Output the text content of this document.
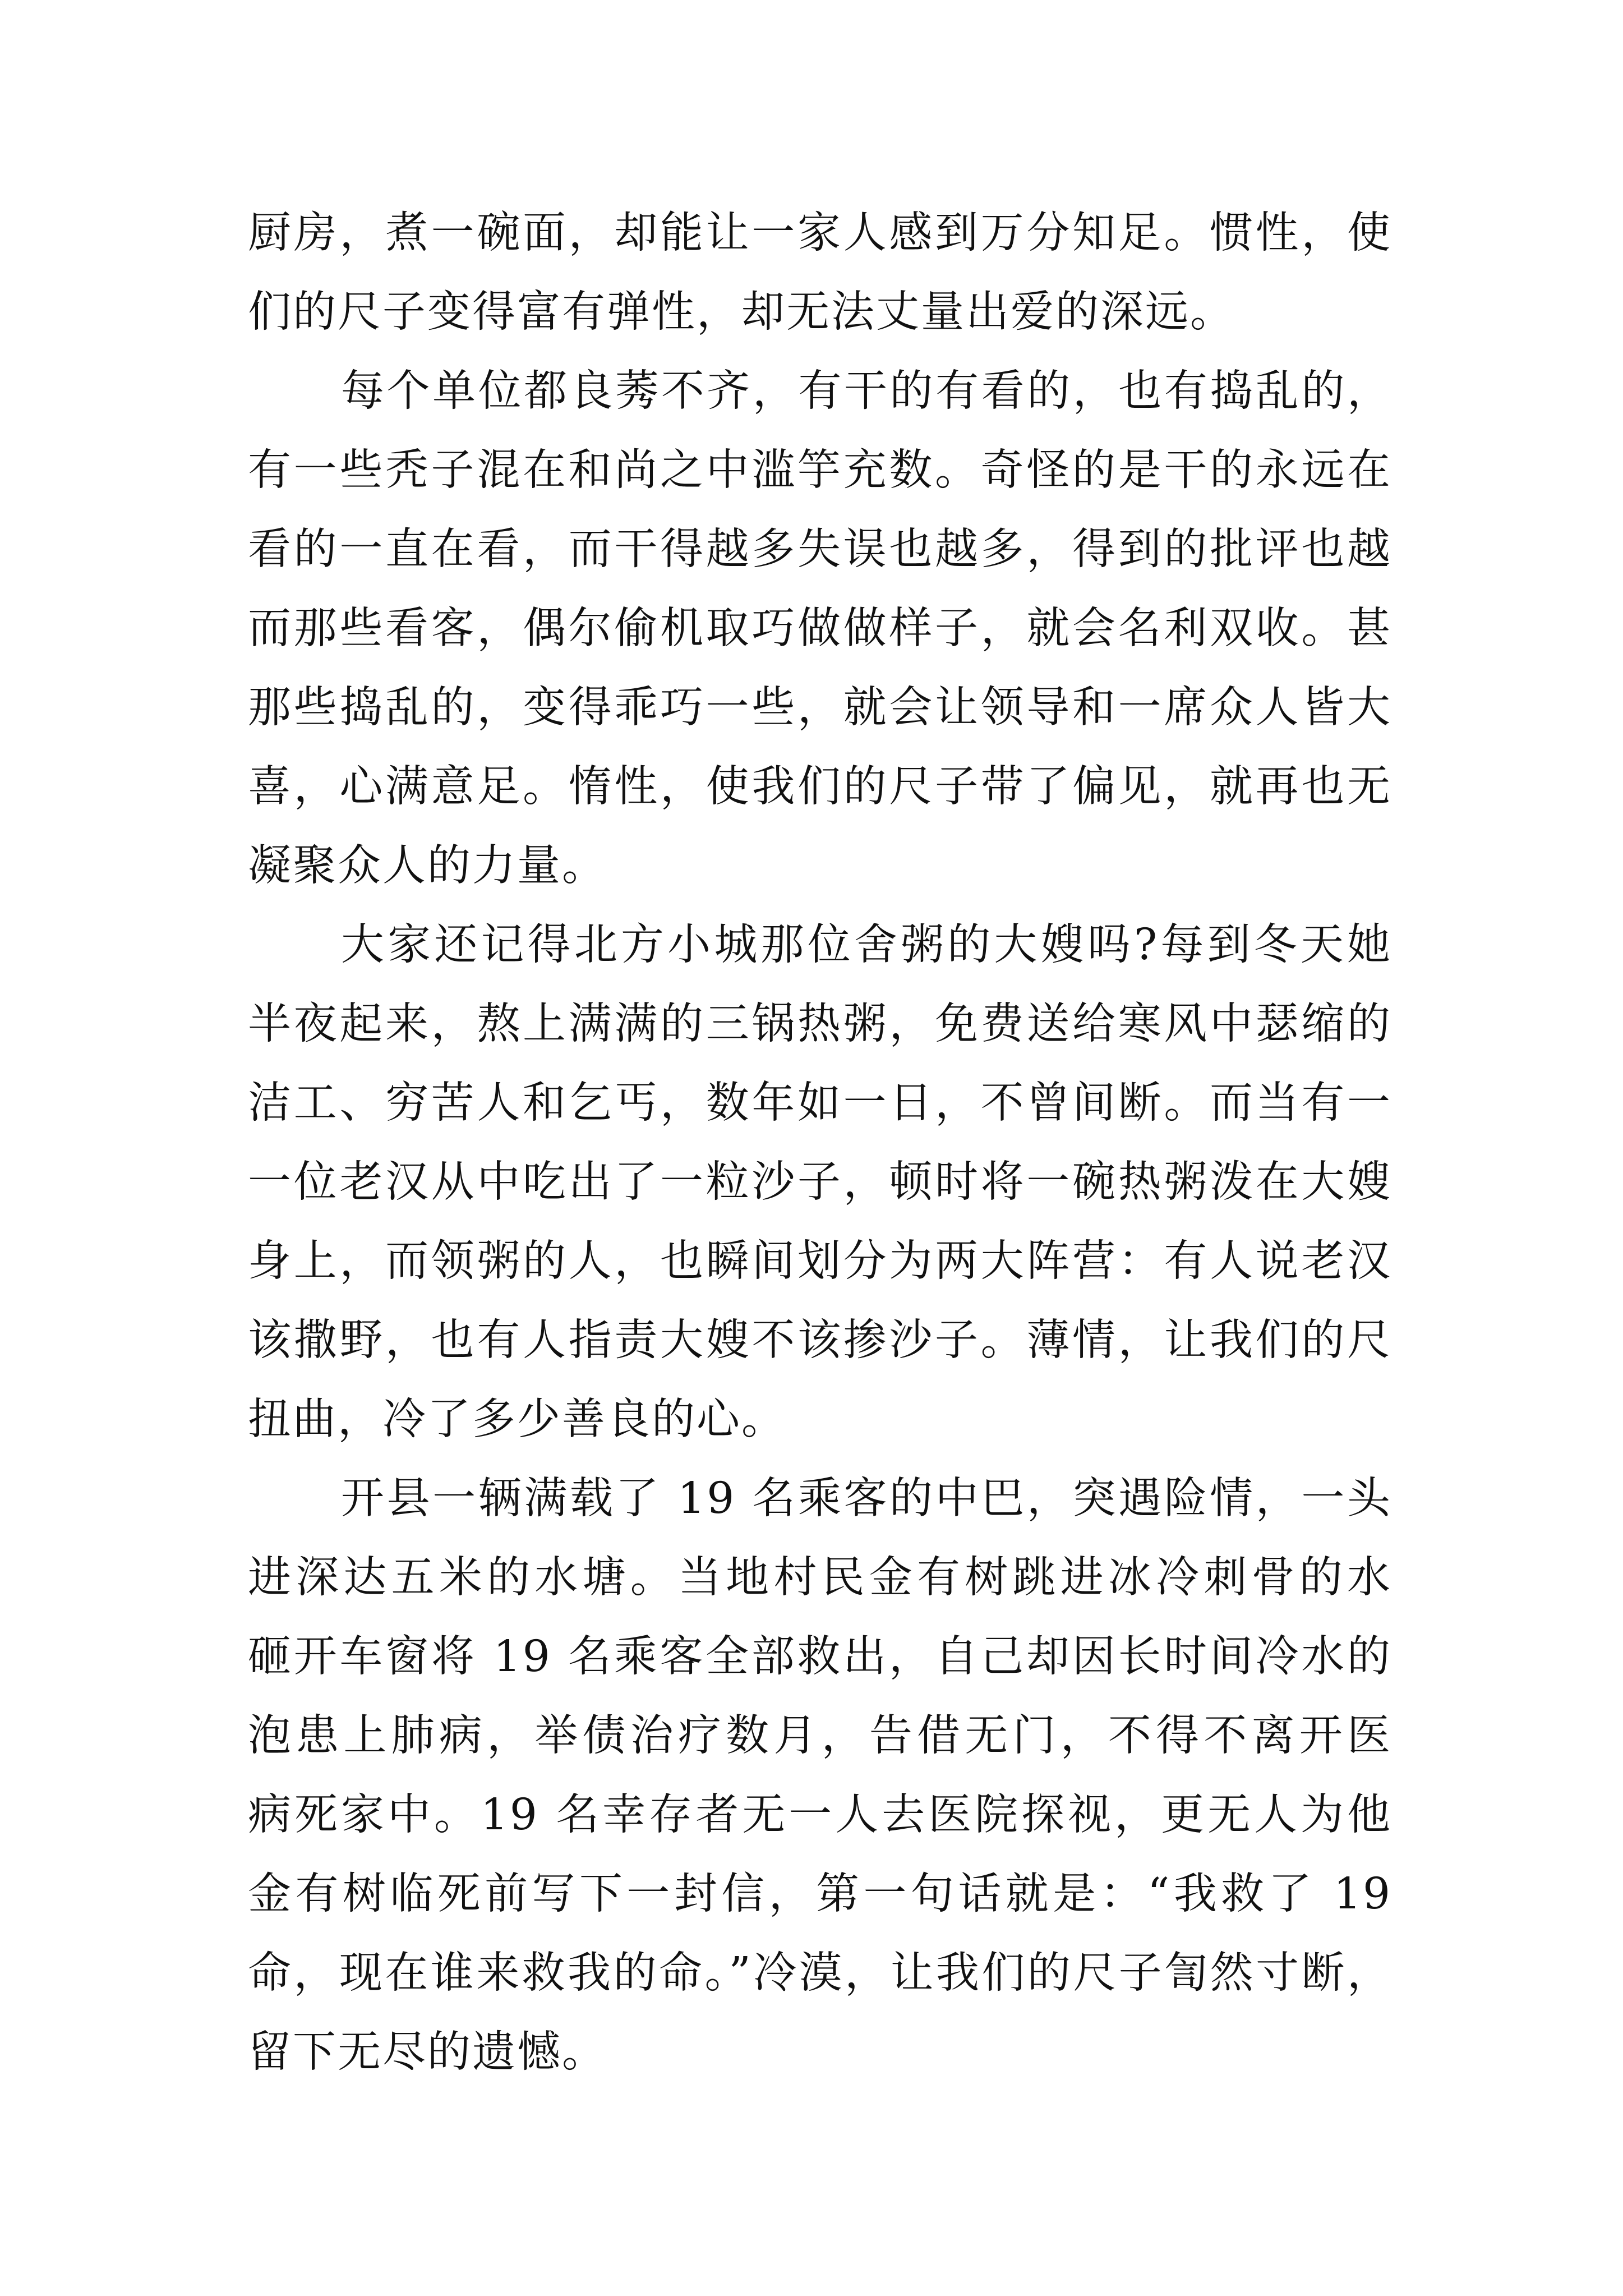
厨房，煮一碗面，却能让一家人感到万分知足。惯性，使
们的尺子变得富有弹性，却无法丈量出爱的深远。
每个单位都良莠不齐，有干的有看的，也有捣乱的，
有一些秃子混在和尚之中滥竽充数。奇怪的是干的永远在
看的一直在看，而干得越多失误也越多，得到的批评也越
而那些看客，偶尔偷机取巧做做样子，就会名利双收。甚
那些捣乱的，变得乖巧一些，就会让领导和一席众人皆大
喜，心满意足。惰性，使我们的尺子带了偏见，就再也无
凝聚众人的力量。
大家还记得北方小城那位舍粥的大嫂吗?每到冬天她
半夜起来，熬上满满的三锅热粥，免费送给寒风中瑟缩的
洁工、穷苦人和乞丐，数年如一日，不曾间断。而当有一
一位老汉从中吃出了一粒沙子，顿时将一碗热粥泼在大嫂
身上，而领粥的人，也瞬间划分为两大阵营：有人说老汉
该撒野，也有人指责大嫂不该掺沙子。薄情，让我们的尺
扭曲，冷了多少善良的心。
开县一辆满载了 19 名乘客的中巴，突遇险情，一头
进深达五米的水塘。当地村民金有树跳进冰冷刺骨的水
砸开车窗将 19 名乘客全部救出，自己却因长时间冷水的
泡患上肺病，举债治疗数月，告借无门，不得不离开医
病死家中。19 名幸存者无一人去医院探视，更无人为他
金有树临死前写下一封信，第一句话就是：“我救了 19
命，现在谁来救我的命。”冷漠，让我们的尺子訇然寸断，
留下无尽的遗憾。
